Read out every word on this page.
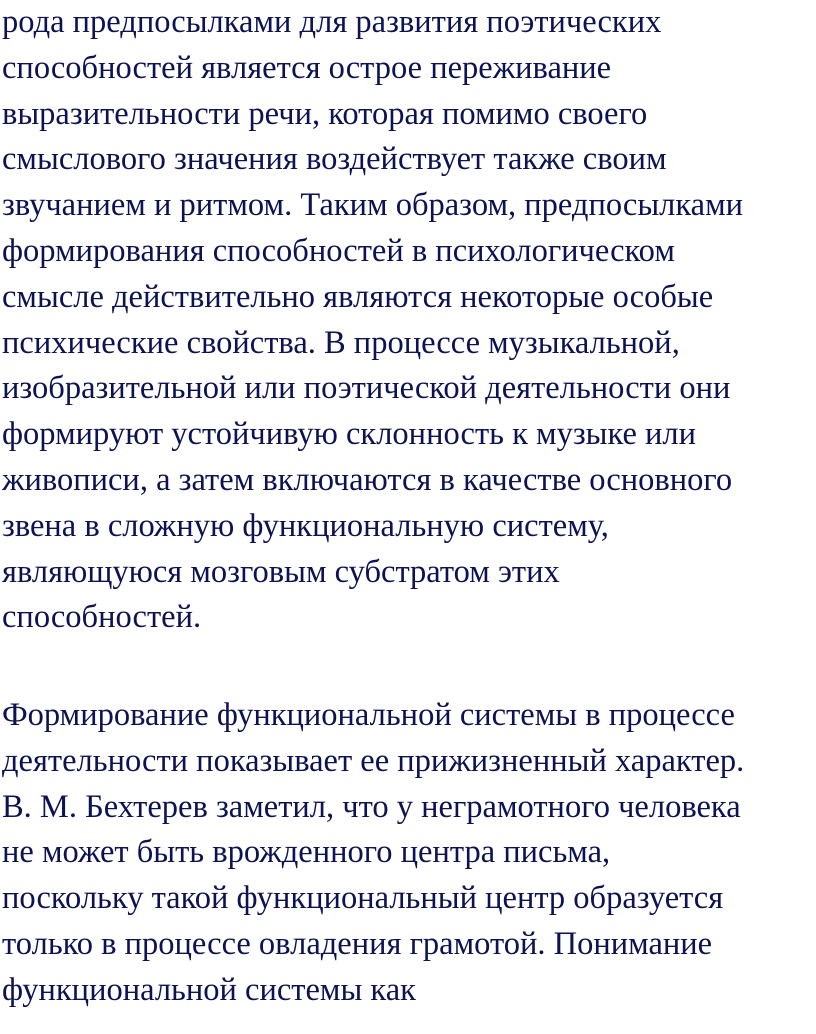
рода предпосылками для развития поэтических
способностей является острое переживание
выразительности речи, которая помимо своего
смыслового значения воздействует также своим
звучанием и ритмом. Таким образом, предпосылками
формирования способностей в психологическом
смысле действительно являются некоторые особые
психические свойства. В процессе музыкальной,
изобразительной или поэтической деятельности они
формируют устойчивую склонность к музыке или
живописи, а затем включаются в качестве основного
звена в сложную функциональную систему,
являющуюся мозговым субстратом этих
способностей.
Формирование функциональной системы в процессе
деятельности показывает ее прижизненный характер.
В. М. Бехтерев заметил, что у неграмотного человека
не может быть врожденного центра письма,
поскольку такой функциональный центр образуется
только в процессе овладения грамотой. Понимание
функциональной системы как
